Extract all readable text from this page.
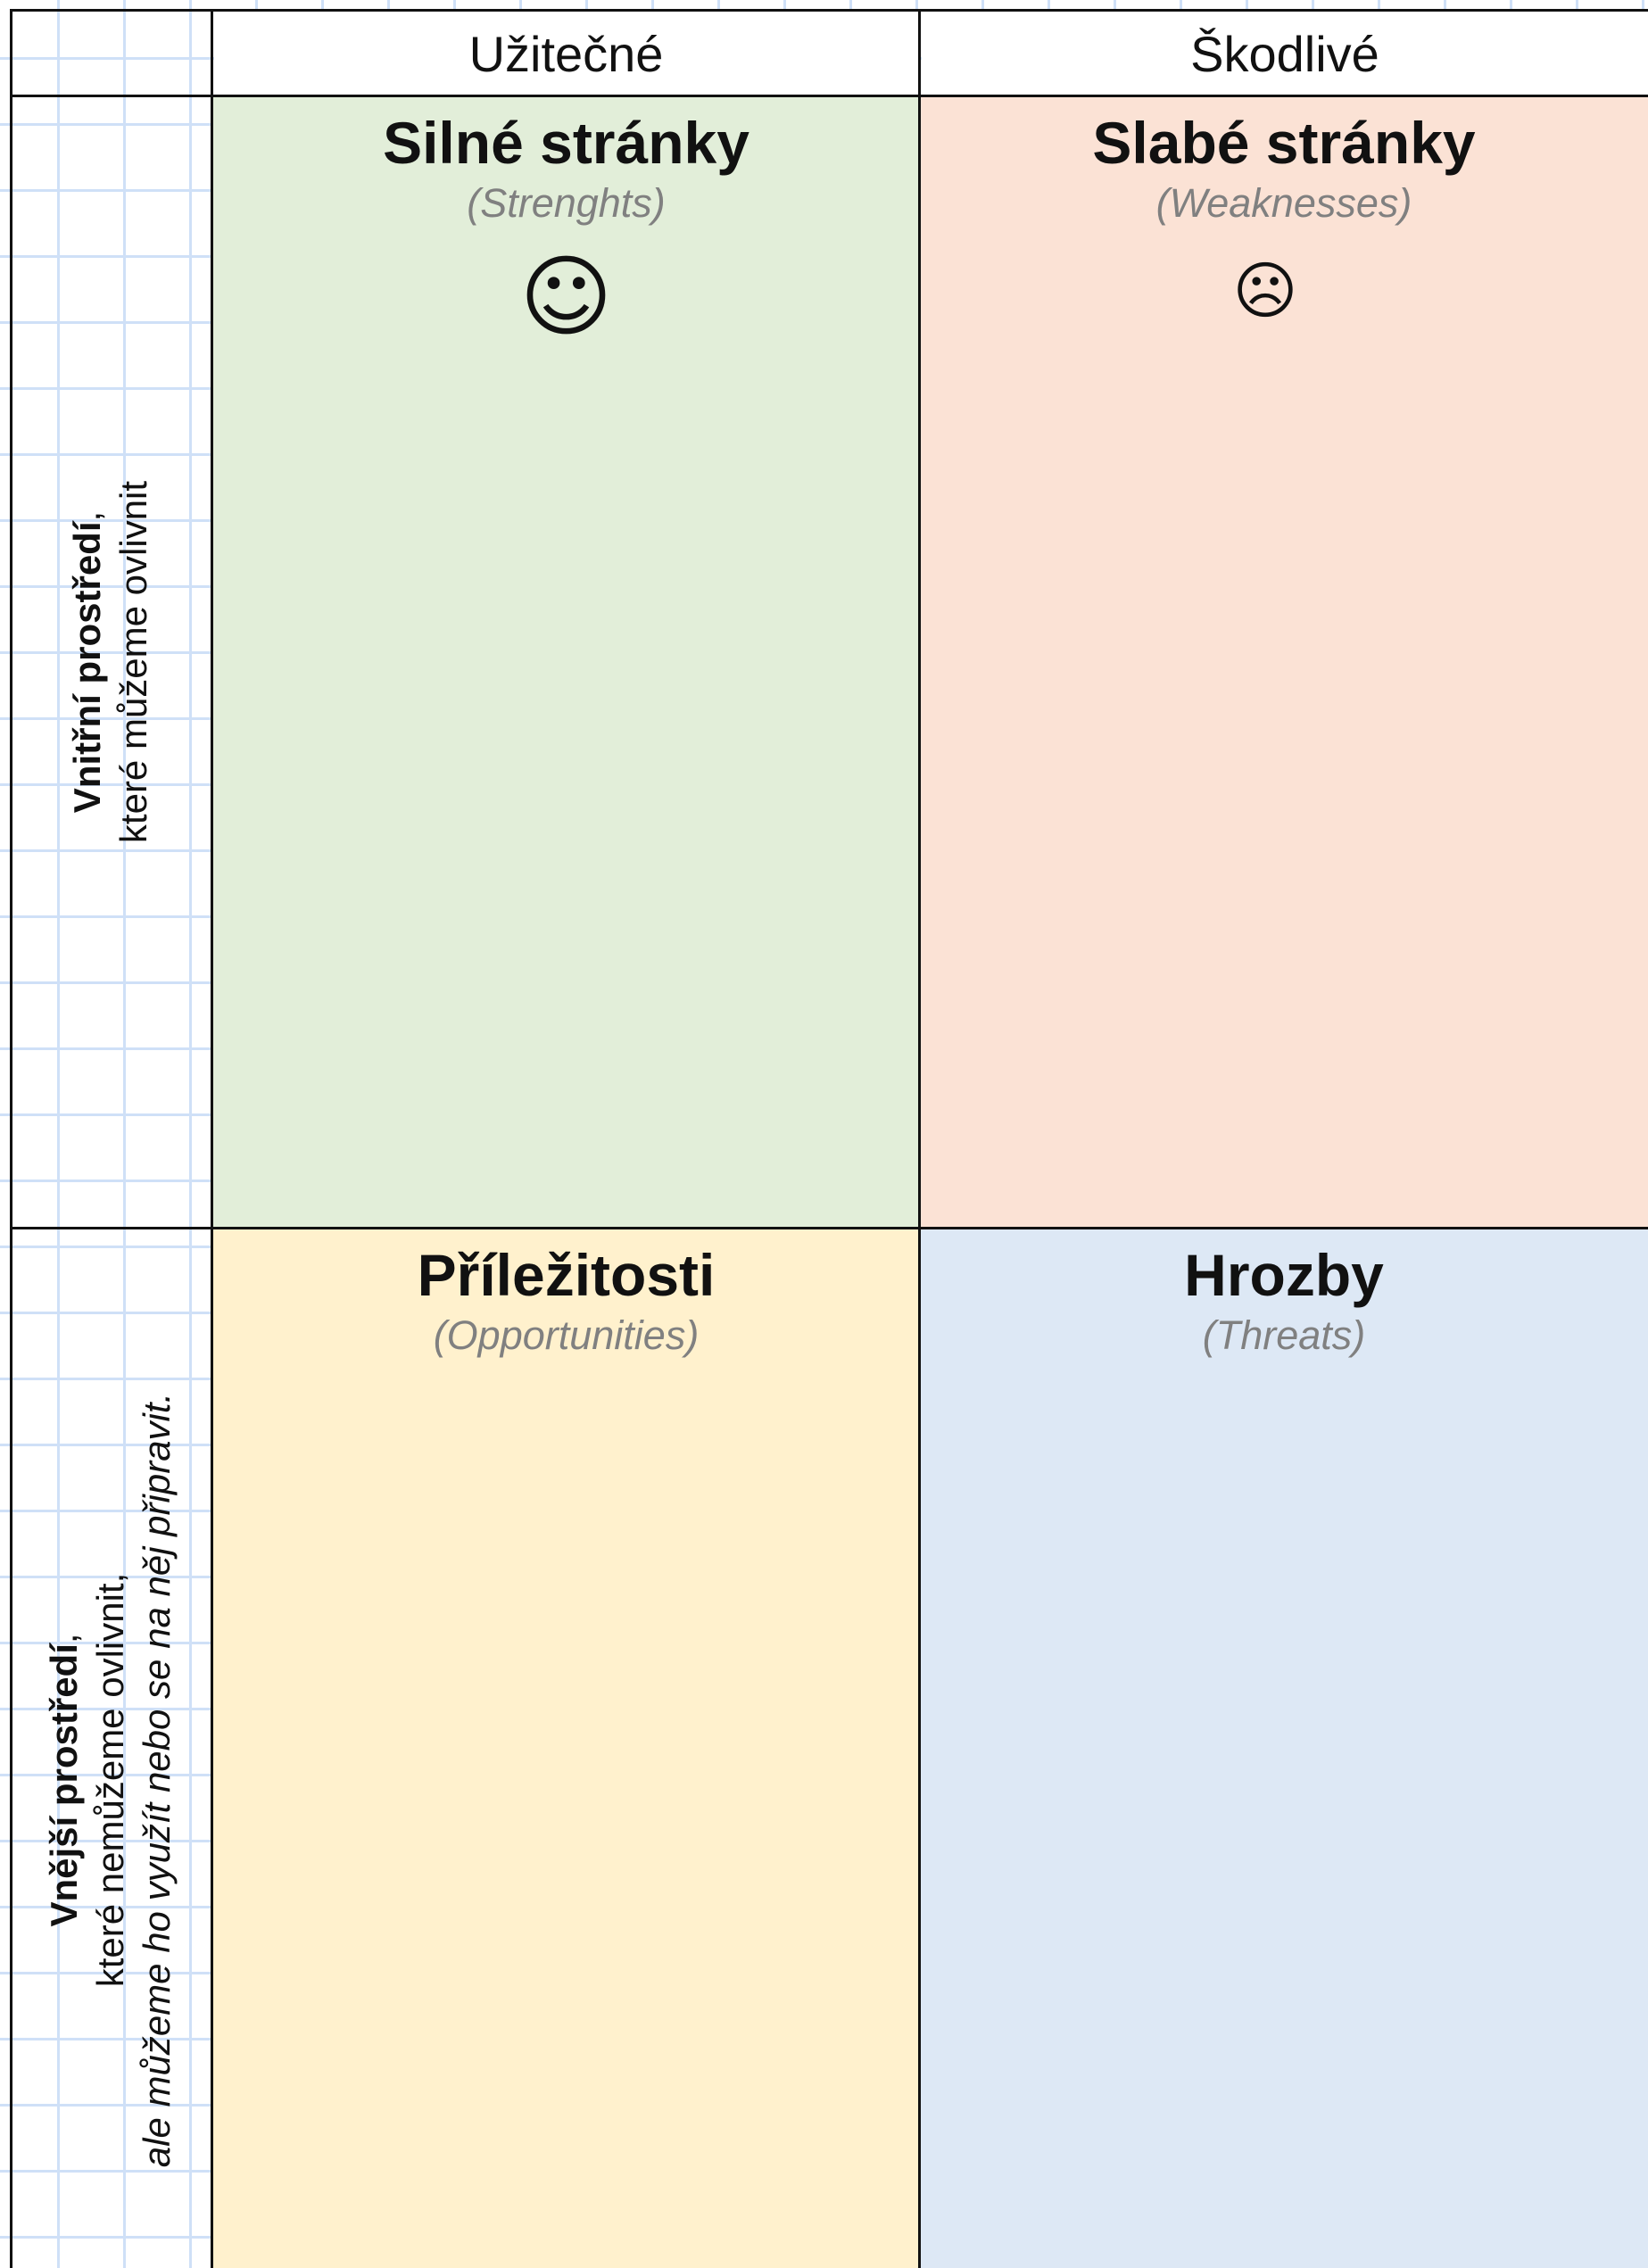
Silné stránky
(Strenghts)
☺
Slabé stránky
(Weaknesses)
☹
Příležitosti
(Opportunities)
Hrozby
(Threats)
Užitečné	Škodlivé
Vnitřní prostředí, které můžeme ovlivnit
Vnější prostředí, které nemůžeme ovlivnit, ale můžeme ho využít nebo se na něj připravit.
